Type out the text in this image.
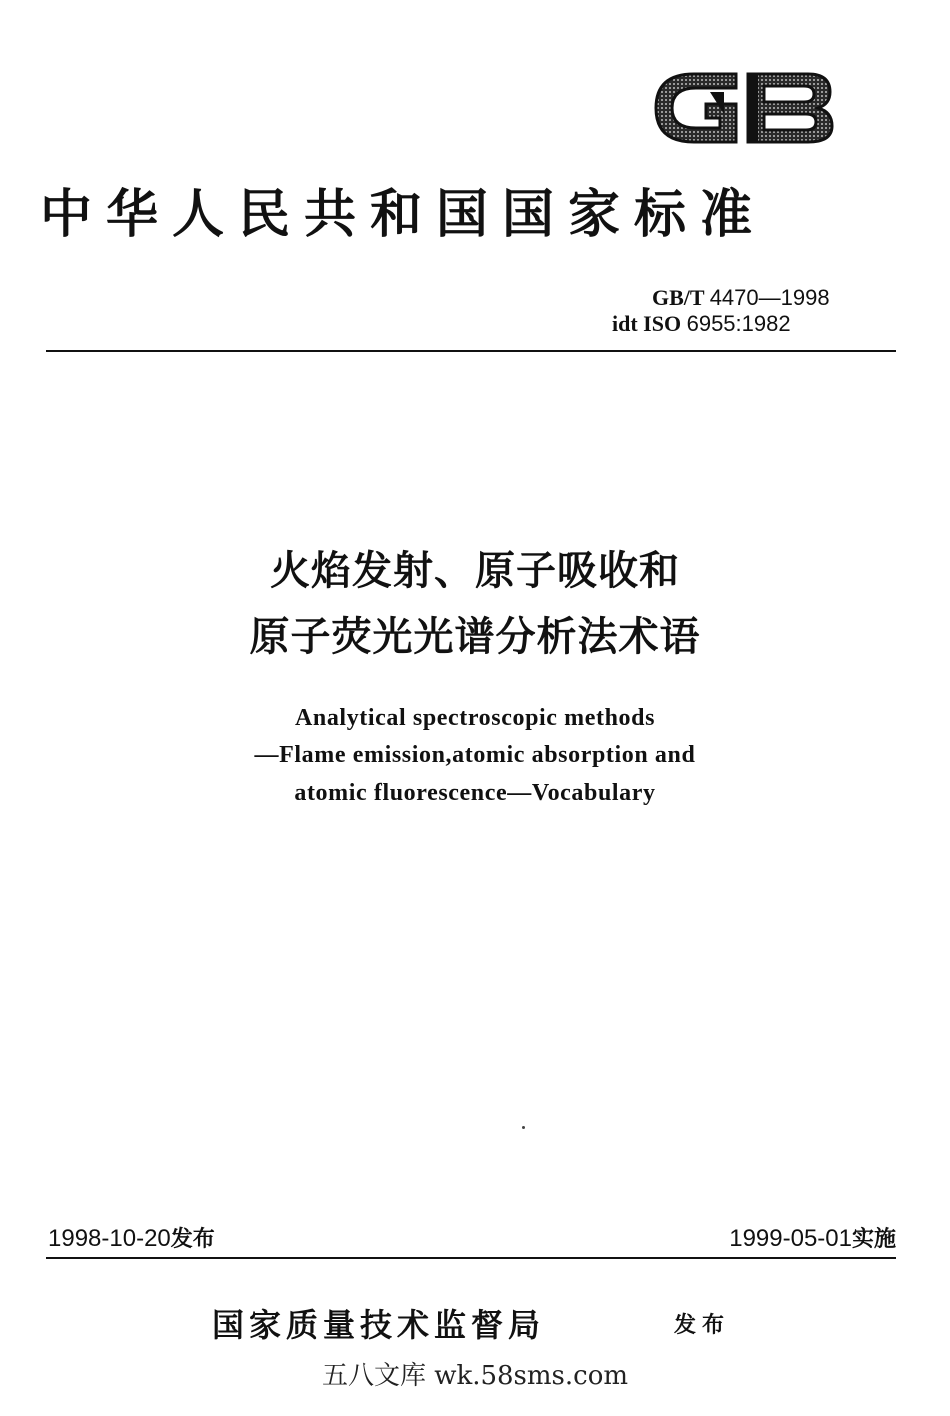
中华人民共和国国家标准
GB/T 4470—1998
idt ISO 6955:1982
火焰发射、原子吸收和
原子荧光光谱分析法术语
Analytical spectroscopic methods
—Flame emission,atomic absorption and
atomic fluorescence—Vocabulary
1998-10-20发布	1999-05-01实施
国家质量技术监督局	发布
五八文库 wk.58sms.com
